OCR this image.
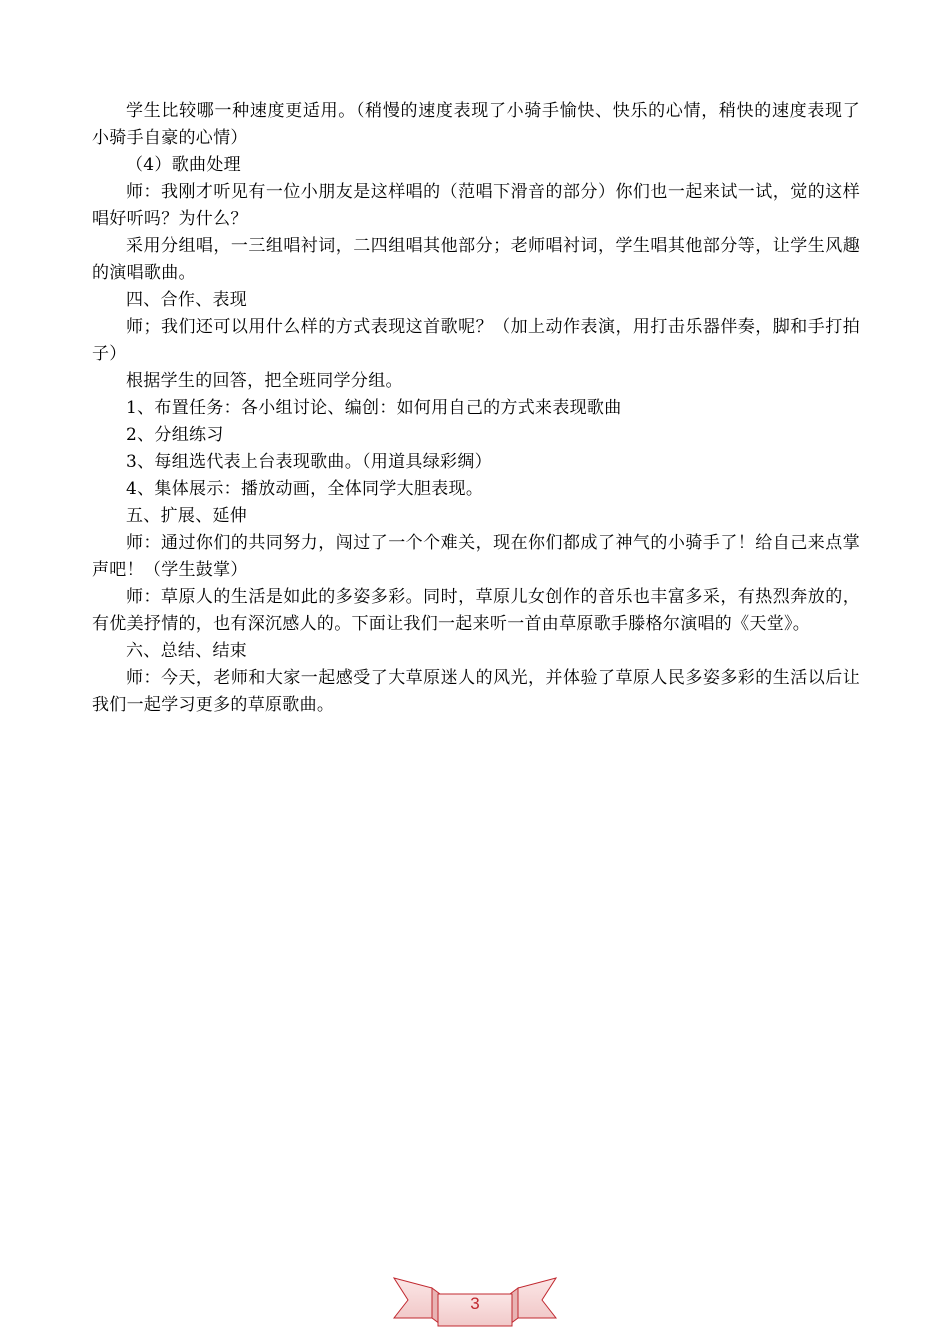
学生比较哪一种速度更适用。（稍慢的速度表现了小骑手愉快、快乐的心情，稍快的速度表现了小骑手自豪的心情）

（4）歌曲处理

师：我刚才听见有一位小朋友是这样唱的（范唱下滑音的部分）你们也一起来试一试，觉的这样唱好听吗？为什么？

采用分组唱，一三组唱衬词，二四组唱其他部分；老师唱衬词，学生唱其他部分等，让学生风趣的演唱歌曲。

四、合作、表现

师；我们还可以用什么样的方式表现这首歌呢？（加上动作表演，用打击乐器伴奏，脚和手打拍子）

根据学生的回答，把全班同学分组。

1、布置任务：各小组讨论、编创：如何用自己的方式来表现歌曲

2、分组练习

3、每组选代表上台表现歌曲。（用道具绿彩绸）

4、集体展示：播放动画，全体同学大胆表现。

五、扩展、延伸

师：通过你们的共同努力，闯过了一个个难关，现在你们都成了神气的小骑手了！给自己来点掌声吧！（学生鼓掌）

师：草原人的生活是如此的多姿多彩。同时，草原儿女创作的音乐也丰富多采，有热烈奔放的，有优美抒情的，也有深沉感人的。下面让我们一起来听一首由草原歌手滕格尔演唱的《天堂》。

六、总结、结束

师：今天，老师和大家一起感受了大草原迷人的风光，并体验了草原人民多姿多彩的生活以后让我们一起学习更多的草原歌曲。

3
